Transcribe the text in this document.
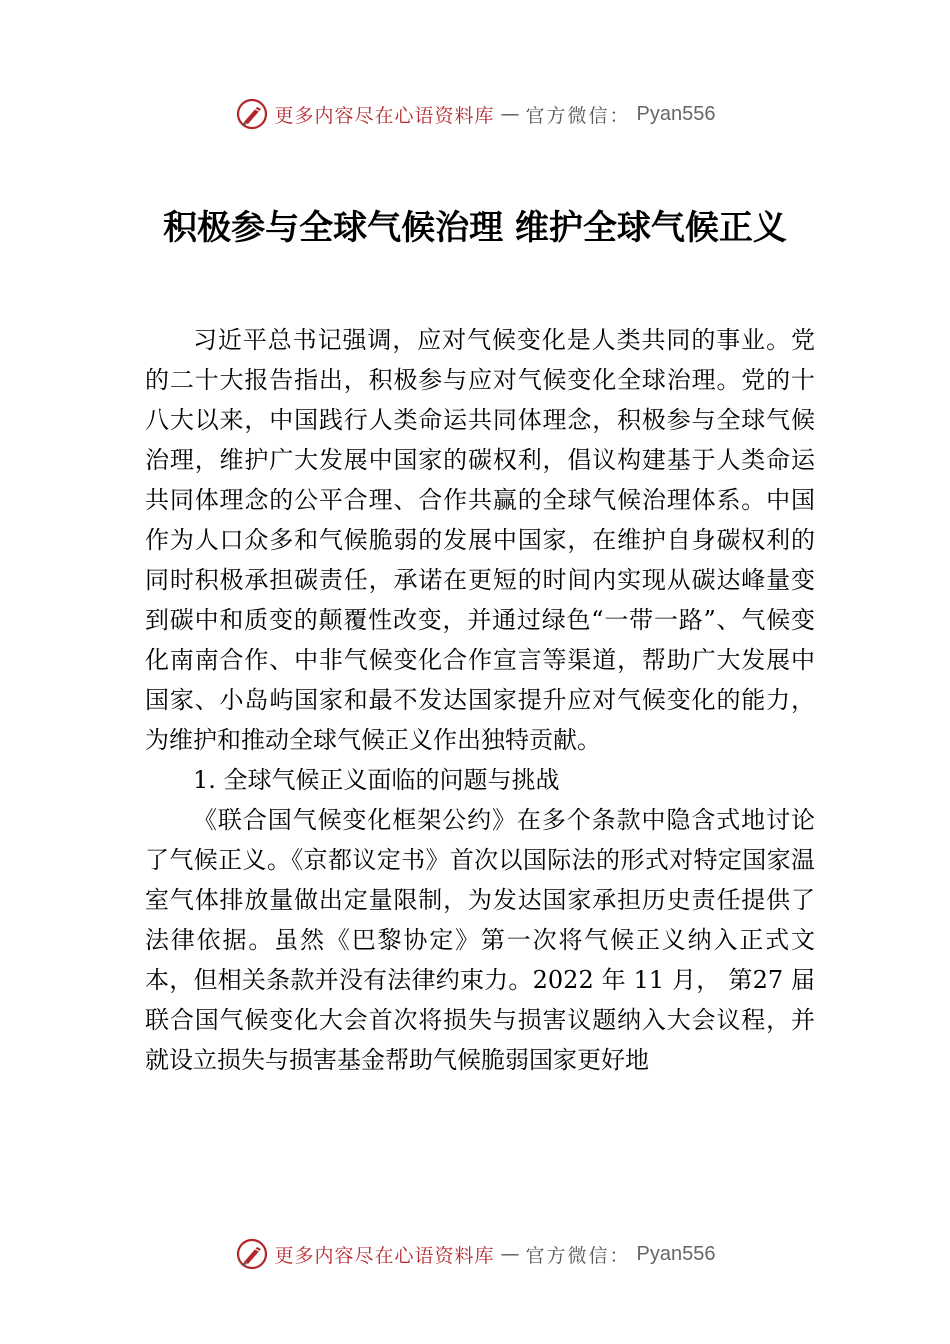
更多内容尽在心语资料库 — 官方微信： Pyan556
积极参与全球气候治理 维护全球气候正义

习近平总书记强调，应对气候变化是人类共同的事业。党的二十大报告指出，积极参与应对气候变化全球治理。党的十八大以来，中国践行人类命运共同体理念，积极参与全球气候治理，维护广大发展中国家的碳权利，倡议构建基于人类命运共同体理念的公平合理、合作共赢的全球气候治理体系。中国作为人口众多和气候脆弱的发展中国家，在维护自身碳权利的同时积极承担碳责任，承诺在更短的时间内实现从碳达峰量变到碳中和质变的颠覆性改变，并通过绿色“一带一路”、气候变化南南合作、中非气候变化合作宣言等渠道，帮助广大发展中国家、小岛屿国家和最不发达国家提升应对气候变化的能力，为维护和推动全球气候正义作出独特贡献。

1. 全球气候正义面临的问题与挑战

《联合国气候变化框架公约》在多个条款中隐含式地讨论了气候正义。《京都议定书》首次以国际法的形式对特定国家温室气体排放量做出定量限制，为发达国家承担历史责任提供了法律依据。虽然《巴黎协定》第一次将气候正义纳入正式文本，但相关条款并没有法律约束力。2022 年 11 月， 第27 届联合国气候变化大会首次将损失与损害议题纳入大会议程，并就设立损失与损害基金帮助气候脆弱国家更好地

更多内容尽在心语资料库 — 官方微信： Pyan556
